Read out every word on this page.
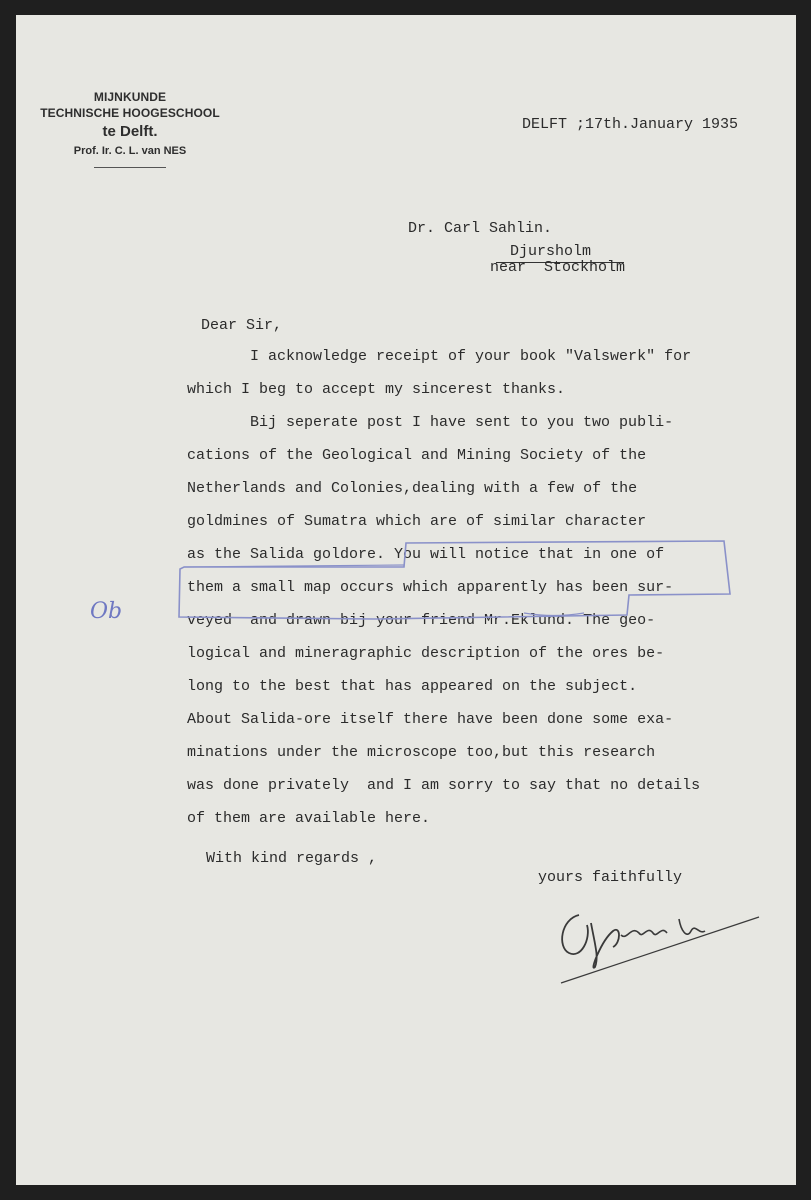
MIJNKUNDE
TECHNISCHE HOOGESCHOOL
te Delft.
Prof. Ir. C. L. van NES
DELFT ;17th.January 1935
Dr. Carl Sahlin.
Djursholm
near  Stockholm
Dear Sir,
I acknowledge receipt of your book "Valswerk" for
which I beg to accept my sincerest thanks.
Bij seperate post I have sent to you two publi-
cations of the Geological and Mining Society of the
Netherlands and Colonies,dealing with a few of the
goldmines of Sumatra which are of similar character
as the Salida goldore. You will notice that in one of
them a small map occurs which apparently has been sur-
veyed  and drawn bij your friend Mr.Eklund. The geo-
logical and mineragraphic description of the ores be-
long to the best that has appeared on the subject.
About Salida-ore itself there have been done some exa-
minations under the microscope too,but this research
was done privately  and I am sorry to say that no details
of them are available here.
Ob
With kind regards ,
yours faithfully
